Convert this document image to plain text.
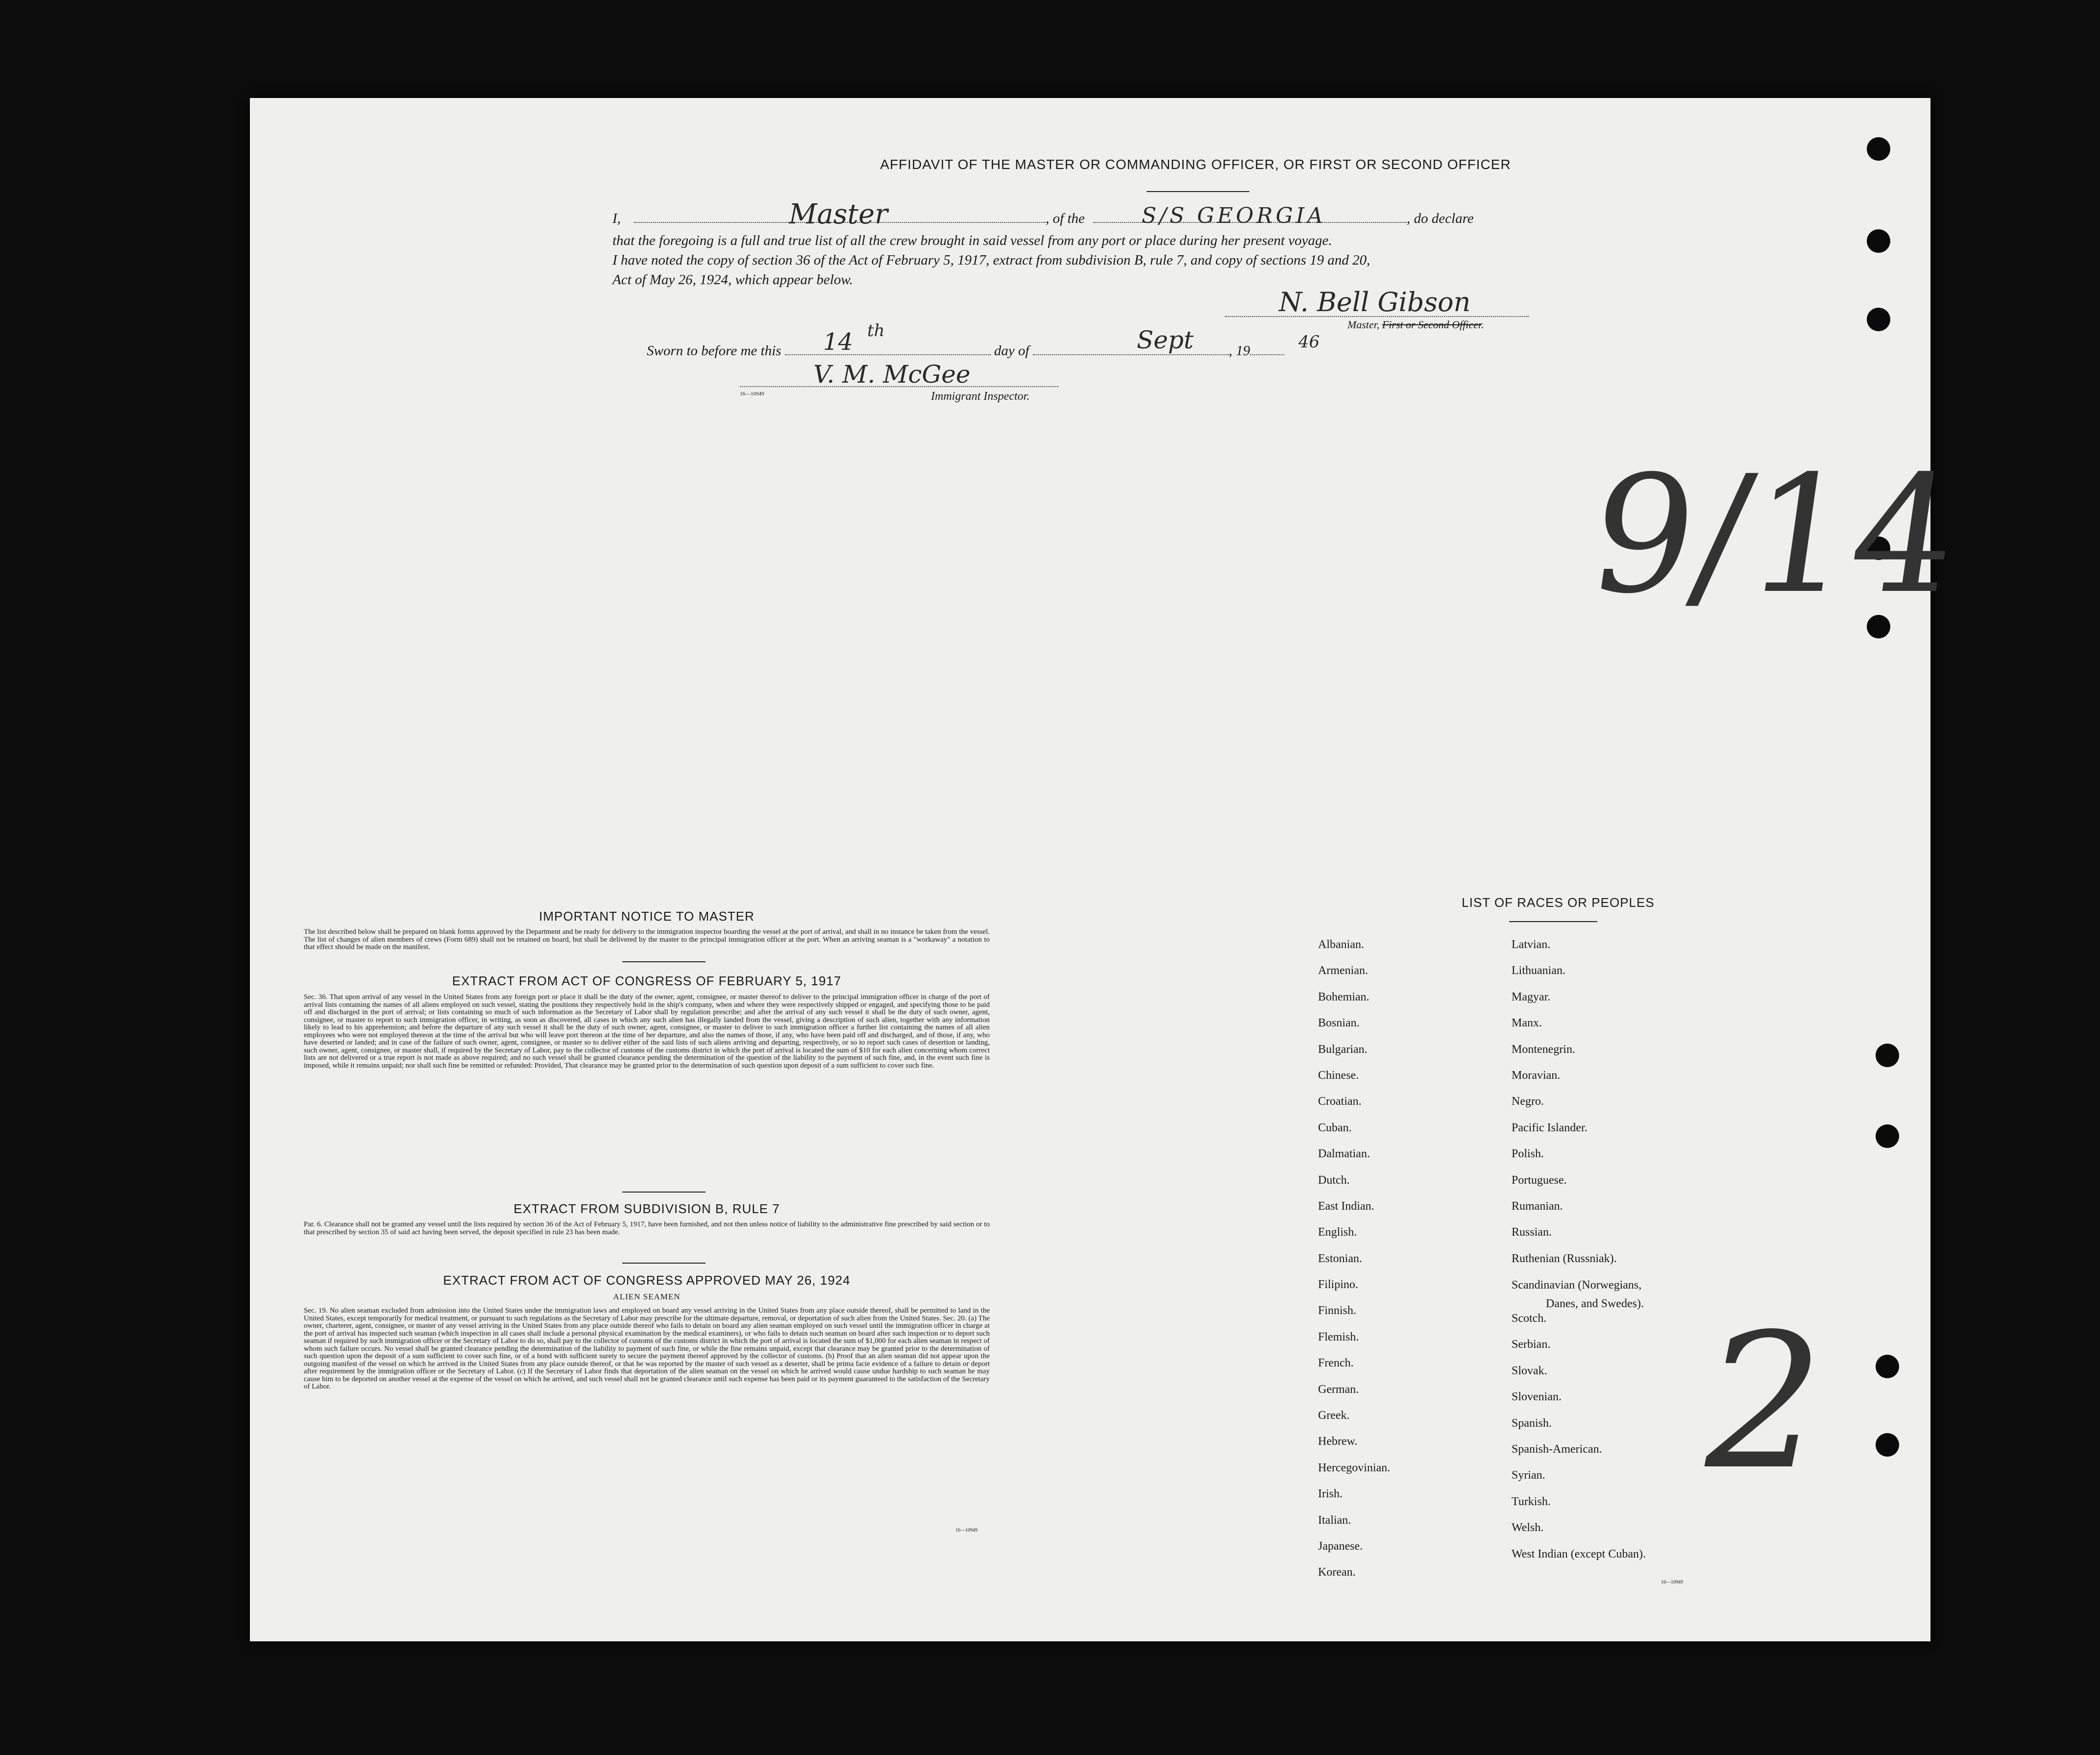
AFFIDAVIT OF THE MASTER OR COMMANDING OFFICER, OR FIRST OR SECOND OFFICER
I,	, of the	, do declare
Master	S/S GEORGIA
that the foregoing is a full and true list of all the crew brought in said vessel from any port or place during her present voyage.
I have noted the copy of section 36 of the Act of February 5, 1917, extract from subdivision B, rule 7, and copy of sections 19 and 20,
Act of May 26, 1924, which appear below.
N. Bell Gibson
Master, First or Second Officer.
Sworn to before me this	day of	, 19
14 th	Sept	46
V. M. McGee
16—10949	Immigrant Inspector.
9/14
2
IMPORTANT NOTICE TO MASTER
The list described below shall be prepared on blank forms approved by the Department and be ready for delivery to the immigration inspector boarding the vessel at the port of arrival, and shall in no instance be taken from the vessel. The list of changes of alien members of crews (Form 689) shall not be retained on board, but shall be delivered by the master to the principal immigration officer at the port. When an arriving seaman is a "workaway" a notation to that effect should be made on the manifest.
EXTRACT FROM ACT OF CONGRESS OF FEBRUARY 5, 1917
Sec. 36. That upon arrival of any vessel in the United States from any foreign port or place it shall be the duty of the owner, agent, consignee, or master thereof to deliver to the principal immigration officer in charge of the port of arrival lists containing the names of all aliens employed on such vessel, stating the positions they respectively hold in the ship's company, when and where they were respectively shipped or engaged, and specifying those to be paid off and discharged in the port of arrival; or lists containing so much of such information as the Secretary of Labor shall by regulation prescribe; and after the arrival of any such vessel it shall be the duty of such owner, agent, consignee, or master to report to such immigration officer, in writing, as soon as discovered, all cases in which any such alien has illegally landed from the vessel, giving a description of such alien, together with any information likely to lead to his apprehension; and before the departure of any such vessel it shall be the duty of such owner, agent, consignee, or master to deliver to such immigration officer a further list containing the names of all alien employees who were not employed thereon at the time of the arrival but who will leave port thereon at the time of her departure, and also the names of those, if any, who have been paid off and discharged, and of those, if any, who have deserted or landed; and in case of the failure of such owner, agent, consignee, or master so to deliver either of the said lists of such aliens arriving and departing, respectively, or so to report such cases of desertion or landing, such owner, agent, consignee, or master shall, if required by the Secretary of Labor, pay to the collector of customs of the customs district in which the port of arrival is located the sum of $10 for each alien concerning whom correct lists are not delivered or a true report is not made as above required; and no such vessel shall be granted clearance pending the determination of the question of the liability to the payment of such fine, and, in the event such fine is imposed, while it remains unpaid; nor shall such fine be remitted or refunded: Provided, That clearance may be granted prior to the determination of such question upon deposit of a sum sufficient to cover such fine.
EXTRACT FROM SUBDIVISION B, RULE 7
Par. 6. Clearance shall not be granted any vessel until the lists required by section 36 of the Act of February 5, 1917, have been furnished, and not then unless notice of liability to the administrative fine prescribed by said section or to that prescribed by section 35 of said act having been served, the deposit specified in rule 23 has been made.
EXTRACT FROM ACT OF CONGRESS APPROVED MAY 26, 1924
ALIEN SEAMEN
Sec. 19. No alien seaman excluded from admission into the United States under the immigration laws and employed on board any vessel arriving in the United States from any place outside thereof, shall be permitted to land in the United States, except temporarily for medical treatment, or pursuant to such regulations as the Secretary of Labor may prescribe for the ultimate departure, removal, or deportation of such alien from the United States. Sec. 20. (a) The owner, charterer, agent, consignee, or master of any vessel arriving in the United States from any place outside thereof who fails to detain on board any alien seaman employed on such vessel until the immigration officer in charge at the port of arrival has inspected such seaman (which inspection in all cases shall include a personal physical examination by the medical examiners), or who fails to detain such seaman on board after such inspection or to deport such seaman if required by such immigration officer or the Secretary of Labor to do so, shall pay to the collector of customs of the customs district in which the port of arrival is located the sum of $1,000 for each alien seaman in respect of whom such failure occurs. No vessel shall be granted clearance pending the determination of the liability to payment of such fine, or while the fine remains unpaid, except that clearance may be granted prior to the determination of such question upon the deposit of a sum sufficient to cover such fine, or of a bond with sufficient surety to secure the payment thereof approved by the collector of customs. (b) Proof that an alien seaman did not appear upon the outgoing manifest of the vessel on which he arrived in the United States from any place outside thereof, or that he was reported by the master of such vessel as a deserter, shall be prima facie evidence of a failure to detain or deport after requirement by the immigration officer or the Secretary of Labor. (c) If the Secretary of Labor finds that deportation of the alien seaman on the vessel on which he arrived would cause undue hardship to such seaman he may cause him to be deported on another vessel at the expense of the vessel on which he arrived, and such vessel shall not be granted clearance until such expense has been paid or its payment guaranteed to the satisfaction of the Secretary of Labor.
16—10949
LIST OF RACES OR PEOPLES
Albanian.
Armenian.
Bohemian.
Bosnian.
Bulgarian.
Chinese.
Croatian.
Cuban.
Dalmatian.
Dutch.
East Indian.
English.
Estonian.
Filipino.
Finnish.
Flemish.
French.
German.
Greek.
Hebrew.
Hercegovinian.
Irish.
Italian.
Japanese.
Korean.
Latvian.
Lithuanian.
Magyar.
Manx.
Montenegrin.
Moravian.
Negro.
Pacific Islander.
Polish.
Portuguese.
Rumanian.
Russian.
Ruthenian (Russniak).
Scandinavian (Norwegians,
Danes, and Swedes).
Scotch.
Serbian.
Slovak.
Slovenian.
Spanish.
Spanish-American.
Syrian.
Turkish.
Welsh.
West Indian (except Cuban).
16—10949
